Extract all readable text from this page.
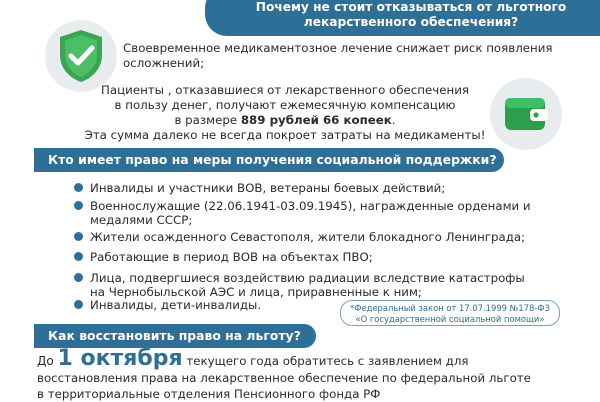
Почему не стоит отказываться от льготного
лекарственного обеспечения?
Своевременное медикаментозное лечение снижает риск появления
осложнений;
Пациенты , отказавшиеся от лекарственного обеспечения
в пользу денег, получают ежемесячную компенсацию
в размере 889 рублей 66 копеек.
Эта сумма далеко не всегда покроет затраты на медикаменты!
Кто имеет право на меры получения социальной поддержки?
Инвалиды и участники ВОВ, ветераны боевых действий;
Военнослужащие (22.06.1941-03.09.1945), награжденные орденами и
медалями СССР;
Жители осажденного Севастополя, жители блокадного Ленинграда;
Работающие в период ВОВ на объектах ПВО;
Лица, подвергшиеся воздействию радиации вследствие катастрофы
на Чернобыльской АЭС и лица, приравненные к ним;
Инвалиды, дети-инвалиды.	*Федеральный закон от 17.07.1999 №178-ФЗ
«О государственной социальной помощи»
Как восстановить право на льготу?
До 1 октября текущего года обратитесь с заявлением для
восстановления права на лекарственное обеспечение по федеральной льготе
в территориальные отделения Пенсионного фонда РФ
